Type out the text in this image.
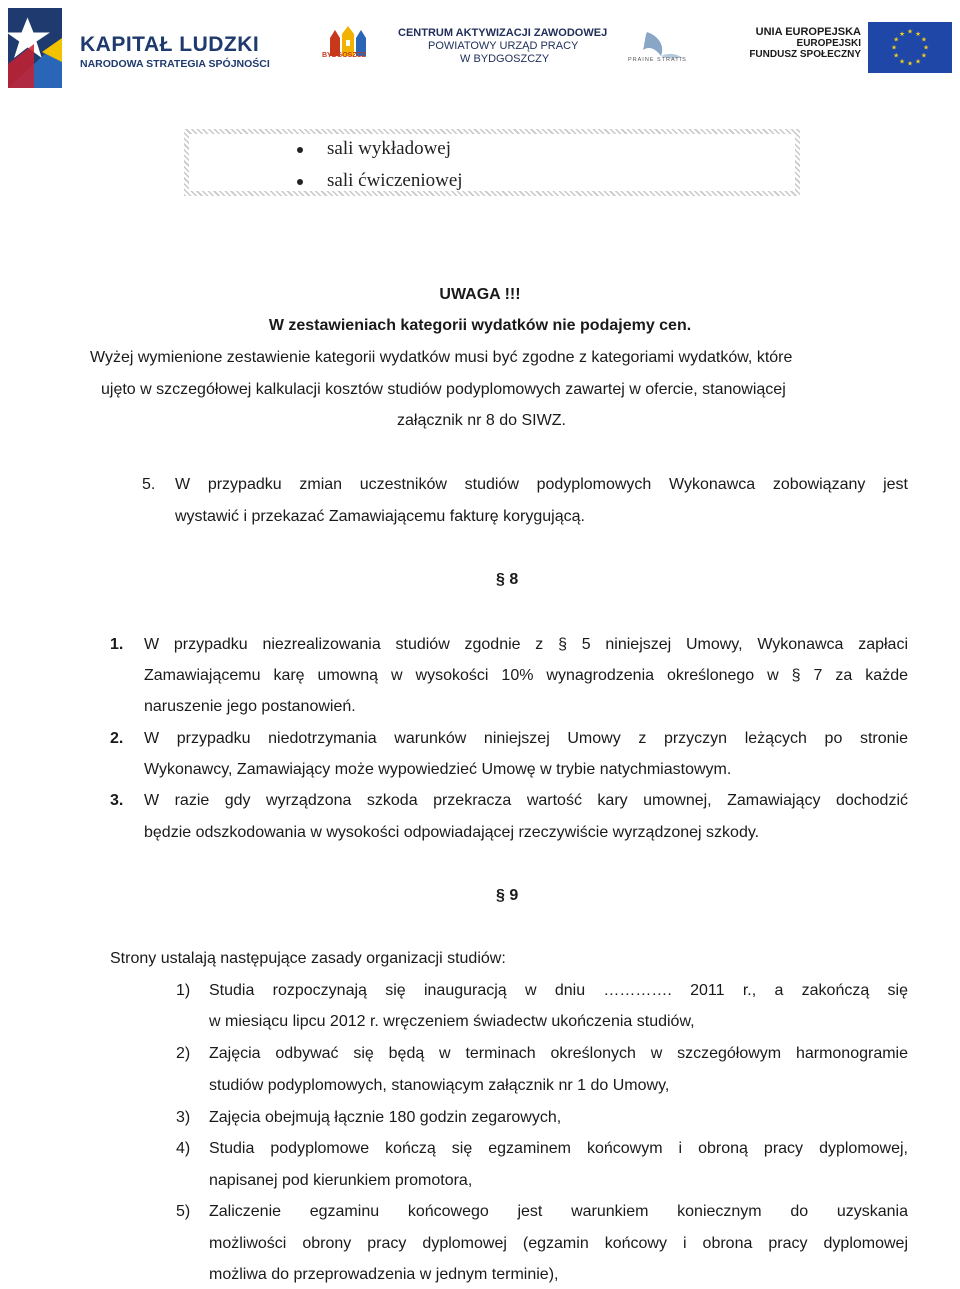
KAPITAŁ LUDZKI
NARODOWA STRATEGIA SPÓJNOŚCI
BYDGOSZCZ
CENTRUM AKTYWIZACJI ZAWODOWEJ
POWIATOWY URZĄD PRACY
W BYDGOSZCZY	PRAINE STRATIS
UNIA EUROPEJSKA
EUROPEJSKI
FUNDUSZ SPOŁECZNY
★
★
★
★
★
★
★
★
★ ★ ★
★
sali wykładowej
sali ćwiczeniowej
UWAGA !!!
W zestawieniach kategorii wydatków nie podajemy cen.
Wyżej wymienione zestawienie kategorii wydatków musi być zgodne z kategoriami wydatków, które
ujęto w szczegółowej kalkulacji kosztów studiów podyplomowych zawartej w ofercie, stanowiącej
załącznik nr 8 do SIWZ.
5. W przypadku zmian uczestników studiów podyplomowych Wykonawca zobowiązany jest
wystawić i przekazać Zamawiającemu fakturę korygującą.
§ 8
1. W przypadku niezrealizowania studiów zgodnie z § 5 niniejszej Umowy, Wykonawca zapłaci
Zamawiającemu karę umowną w wysokości 10% wynagrodzenia określonego w § 7 za każde
naruszenie jego postanowień.
2. W przypadku niedotrzymania warunków niniejszej Umowy z przyczyn leżących po stronie
Wykonawcy, Zamawiający może wypowiedzieć Umowę w trybie natychmiastowym.
3. W razie gdy wyrządzona szkoda przekracza wartość kary umownej, Zamawiający dochodzić
będzie odszkodowania w wysokości odpowiadającej rzeczywiście wyrządzonej szkody.
§ 9
Strony ustalają następujące zasady organizacji studiów:
1) Studia rozpoczynają się inauguracją w dniu …………. 2011 r., a zakończą się
w miesiącu lipcu 2012 r. wręczeniem świadectw ukończenia studiów,
2) Zajęcia odbywać się będą w terminach określonych w szczegółowym harmonogramie
studiów podyplomowych, stanowiącym załącznik nr 1 do Umowy,
3) Zajęcia obejmują łącznie 180 godzin zegarowych,
4) Studia podyplomowe kończą się egzaminem końcowym i obroną pracy dyplomowej,
napisanej pod kierunkiem promotora,
5) Zaliczenie egzaminu końcowego jest warunkiem koniecznym do uzyskania
możliwości obrony pracy dyplomowej (egzamin końcowy i obrona pracy dyplomowej
możliwa do przeprowadzenia w jednym terminie),
